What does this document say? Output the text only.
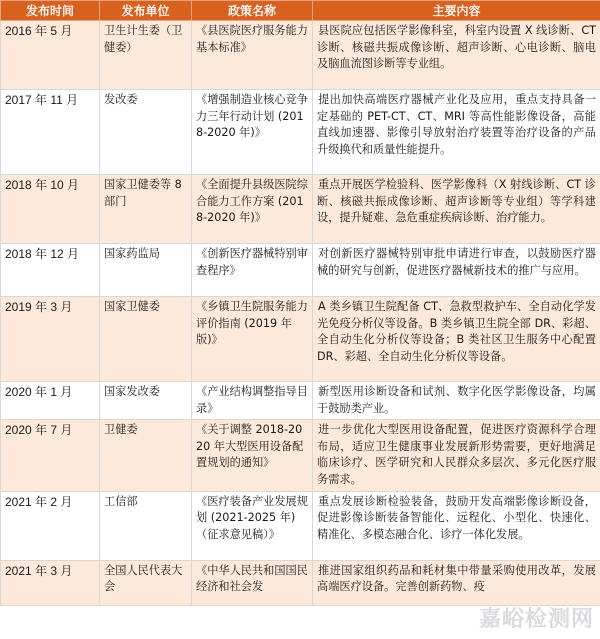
发布时间	发布单位	政策名称	主要内容
2016 年 5 月	卫生计生委（卫健委）	《县医院医疗服务能力基本标准》	县医院应包括医学影像科室，科室内设置 X 线诊断、CT 诊断、核磁共振成像诊断、超声诊断、心电诊断、脑电及脑血流图诊断等专业组。
2017 年 11 月	发改委	《增强制造业核心竞争力三年行动计划 (2018-2020 年)》	提出加快高端医疗器械产业化及应用，重点支持具备一定基础的 PET-CT、CT、MRI 等高性能影像设备，高能直线加速器、影像引导放射治疗装置等治疗设备的产品升级换代和质量性能提升。
2018 年 10 月	国家卫健委等 8 部门	《全面提升县级医院综合能力工作方案 (2018-2020 年)》	重点开展医学检验科、医学影像科（X 射线诊断、CT 诊断、核磁共振成像诊断、超声诊断等专业组）等学科建设，提升疑难、急危重症疾病诊断、治疗能力。
2018 年 12 月	国家药监局	《创新医疗器械特别审查程序》	对创新医疗器械特别审批申请进行审查，以鼓励医疗器械的研究与创新，促进医疗器械新技术的推广与应用。
2019 年 3 月	国家卫健委	《乡镇卫生院服务能力评价指南 (2019 年版)》	A 类乡镇卫生院配备 CT、急救型救护车、全自动化学发光免疫分析仪等设备。B 类乡镇卫生院全部 DR、彩超、全自动生化分析仪等设备；B 类社区卫生服务中心配置 DR、彩超、全自动生化分析仪等设备。
2020 年 1 月	国家发改委	《产业结构调整指导目录》	新型医用诊断设备和试剂、数字化医学影像设备，均属于鼓励类产业。
2020 年 7 月	卫健委	《关于调整 2018-2020 年大型医用设备配置规划的通知》	进一步优化大型医用设备配置，促进医疗资源科学合理布局，适应卫生健康事业发展新形势需要，更好地满足临床诊疗、医学研究和人民群众多层次、多元化医疗服务需求。
2021 年 2 月	工信部	《医疗装备产业发展规划 (2021-2025 年)（征求意见稿）》	重点发展诊断检验装备，鼓励开发高端影像诊断设备，促进影像诊断装备智能化、远程化、小型化、快速化、精准化、多模态融合化、诊疗一体化发展。
2021 年 3 月	全国人民代表大会	《中华人民共和国国民经济和社会发	推进国家组织药品和耗材集中带量采购使用改革，发展高端医疗设备。完善创新药物、疫
嘉峪检测网
